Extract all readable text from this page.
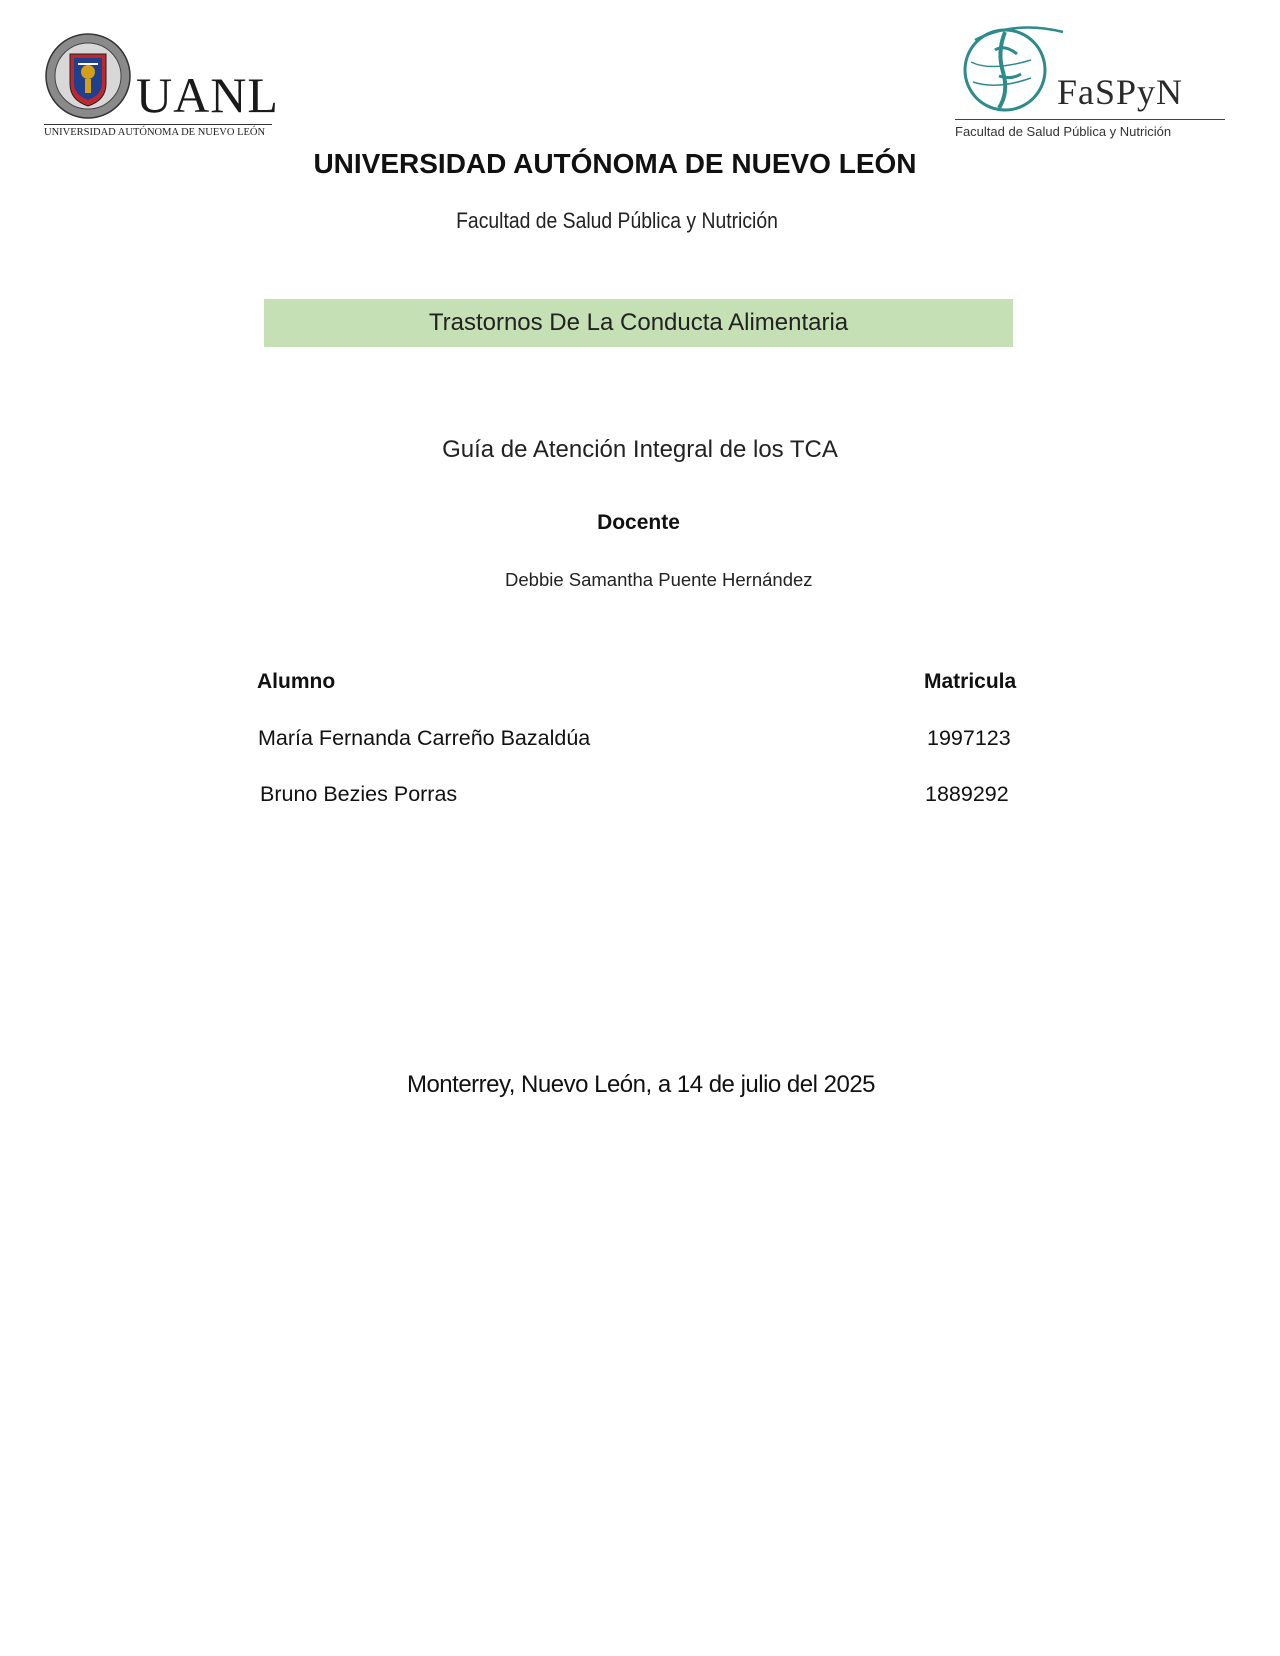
UANL
UNIVERSIDAD AUTÓNOMA DE NUEVO LEÓN
FaSPyN
Facultad de Salud Pública y Nutrición
UNIVERSIDAD AUTÓNOMA DE NUEVO LEÓN
Facultad de Salud Pública y Nutrición
Trastornos De La Conducta Alimentaria
Guía de Atención Integral de los TCA
Docente
Debbie Samantha Puente Hernández
Alumno	Matricula
María Fernanda Carreño Bazaldúa	1997123
Bruno Bezies Porras	1889292
Monterrey, Nuevo León, a 14 de julio del 2025
